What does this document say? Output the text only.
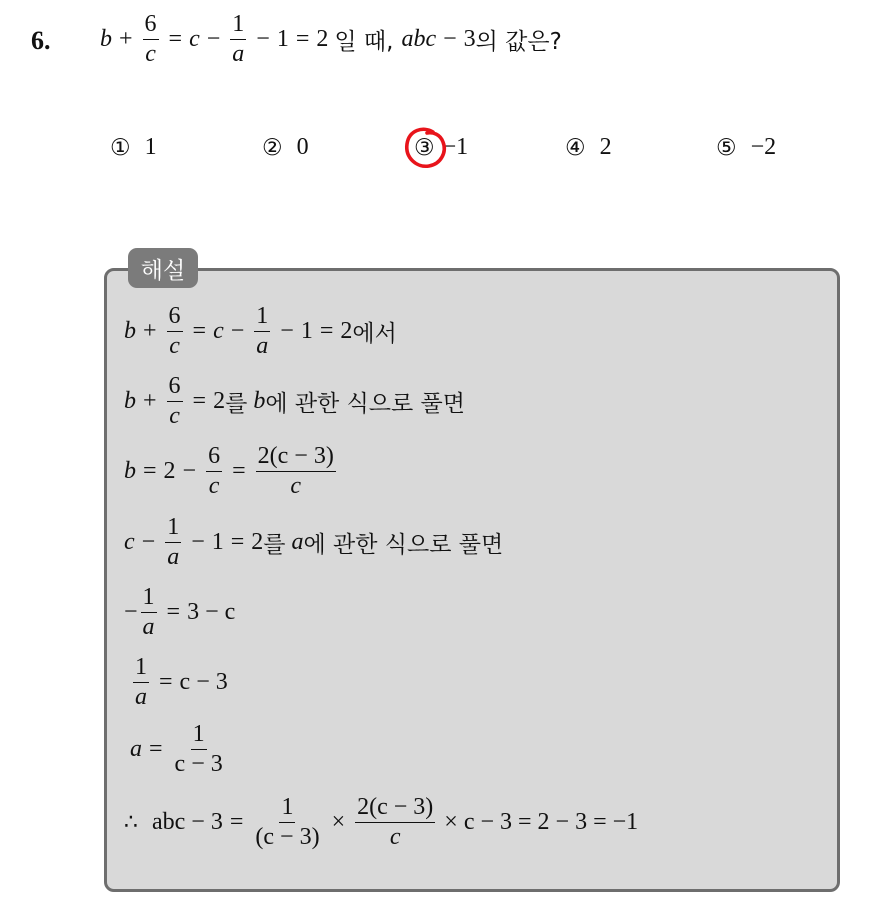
6. $b + \frac{6}{c} = c - \frac{1}{a} - 1 = 2$ 일 때, abc − 3 의 값은?
① 1	② 0	③ −1	④ 2	⑤ −2
해설
$b + \frac{6}{c} = c - \frac{1}{a} - 1 = 2$ 에서
$b + \frac{6}{c} = 2$ 를 b 에 관한 식으로 풀면
$b = 2 - \frac{6}{c} = \frac{2(c - 3)}{c}$
$c - \frac{1}{a} - 1 = 2$ 를 a 에 관한 식으로 풀면
− $\frac{1}{a} = 3 - c$
$\frac{1}{a} = c - 3$
$a = \frac{1}{c - 3}$
∴ abc − $3 = \frac{1}{(c - 3)} \times \frac{2(c - 3)}{c} \times c - 3 = 2 - 3 = -1$
